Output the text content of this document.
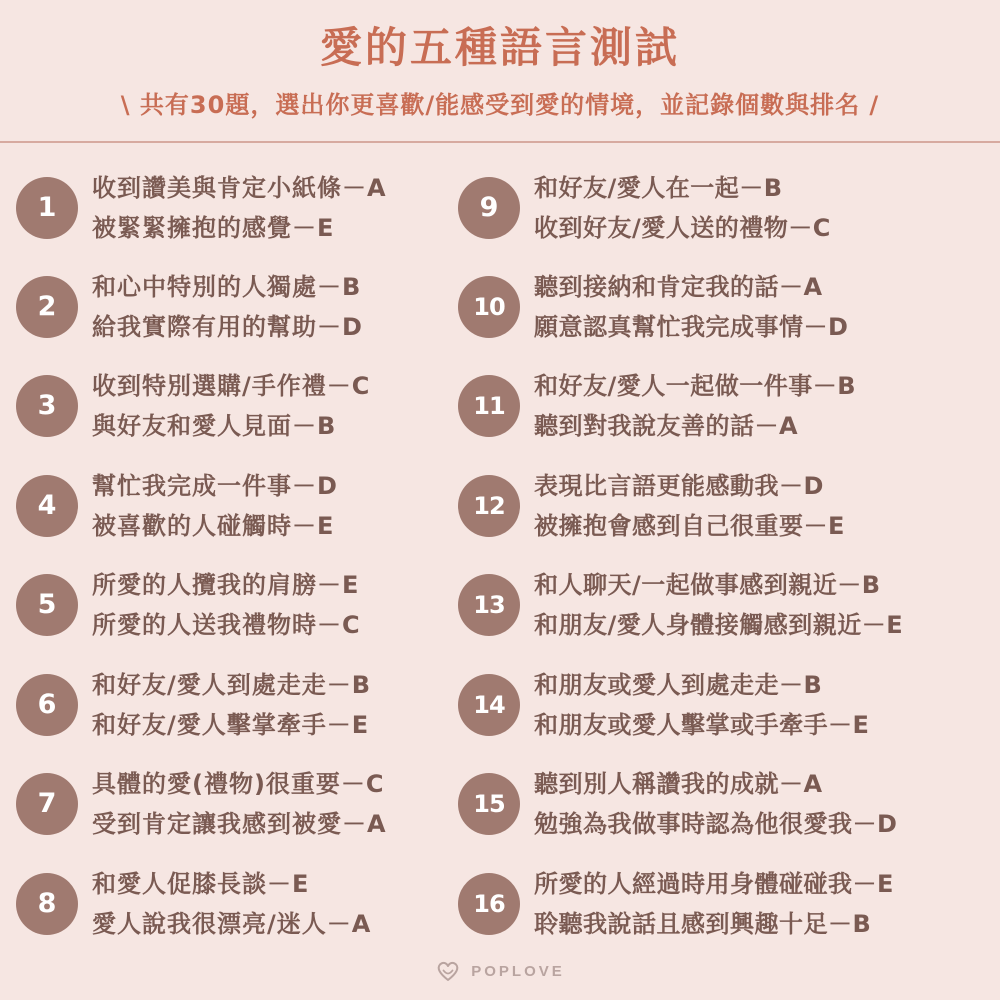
愛的五種語言測試
\ 共有30題，選出你更喜歡/能感受到愛的情境，並記錄個數與排名 /
1
收到讚美與肯定小紙條－A
被緊緊擁抱的感覺－E
2
和心中特別的人獨處－B
給我實際有用的幫助－D
3
收到特別選購/手作禮－C
與好友和愛人見面－B
4
幫忙我完成一件事－D
被喜歡的人碰觸時－E
5
所愛的人攬我的肩膀－E
所愛的人送我禮物時－C
6
和好友/愛人到處走走－B
和好友/愛人擊掌牽手－E
7
具體的愛(禮物)很重要－C
受到肯定讓我感到被愛－A
8
和愛人促膝長談－E
愛人說我很漂亮/迷人－A
9
和好友/愛人在一起－B
收到好友/愛人送的禮物－C
10
聽到接納和肯定我的話－A
願意認真幫忙我完成事情－D
11
和好友/愛人一起做一件事－B
聽到對我說友善的話－A
12
表現比言語更能感動我－D
被擁抱會感到自己很重要－E
13
和人聊天/一起做事感到親近－B
和朋友/愛人身體接觸感到親近－E
14
和朋友或愛人到處走走－B
和朋友或愛人擊掌或手牽手－E
15
聽到別人稱讚我的成就－A
勉強為我做事時認為他很愛我－D
16
所愛的人經過時用身體碰碰我－E
聆聽我說話且感到興趣十足－B
POPLOVE
